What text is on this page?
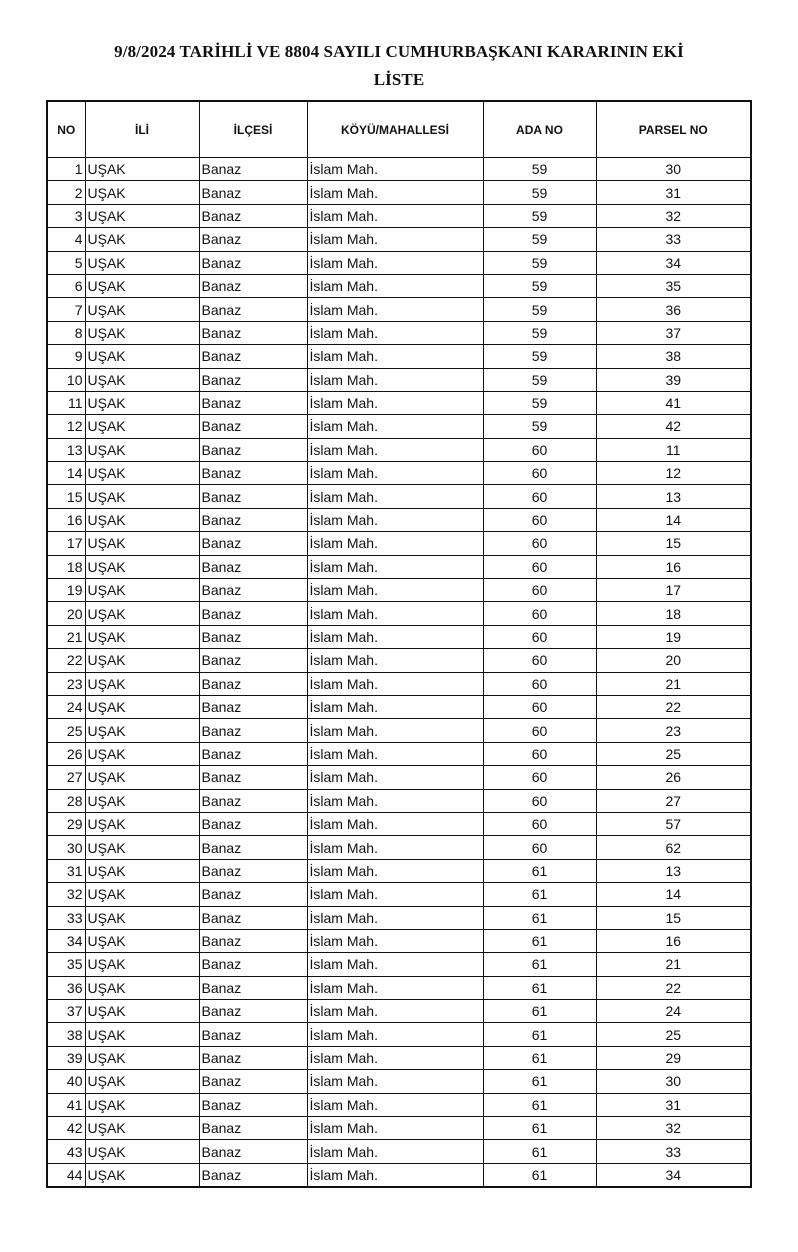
9/8/2024 TARİHLİ VE 8804 SAYILI CUMHURBAŞKANI KARARININ EKİ
LİSTE
NO	İLİ	İLÇESİ	KÖYÜ/MAHALLESİ	ADA NO	PARSEL NO
1	UŞAK	Banaz	İslam Mah.	59	30
2	UŞAK	Banaz	İslam Mah.	59	31
3	UŞAK	Banaz	İslam Mah.	59	32
4	UŞAK	Banaz	İslam Mah.	59	33
5	UŞAK	Banaz	İslam Mah.	59	34
6	UŞAK	Banaz	İslam Mah.	59	35
7	UŞAK	Banaz	İslam Mah.	59	36
8	UŞAK	Banaz	İslam Mah.	59	37
9	UŞAK	Banaz	İslam Mah.	59	38
10	UŞAK	Banaz	İslam Mah.	59	39
11	UŞAK	Banaz	İslam Mah.	59	41
12	UŞAK	Banaz	İslam Mah.	59	42
13	UŞAK	Banaz	İslam Mah.	60	11
14	UŞAK	Banaz	İslam Mah.	60	12
15	UŞAK	Banaz	İslam Mah.	60	13
16	UŞAK	Banaz	İslam Mah.	60	14
17	UŞAK	Banaz	İslam Mah.	60	15
18	UŞAK	Banaz	İslam Mah.	60	16
19	UŞAK	Banaz	İslam Mah.	60	17
20	UŞAK	Banaz	İslam Mah.	60	18
21	UŞAK	Banaz	İslam Mah.	60	19
22	UŞAK	Banaz	İslam Mah.	60	20
23	UŞAK	Banaz	İslam Mah.	60	21
24	UŞAK	Banaz	İslam Mah.	60	22
25	UŞAK	Banaz	İslam Mah.	60	23
26	UŞAK	Banaz	İslam Mah.	60	25
27	UŞAK	Banaz	İslam Mah.	60	26
28	UŞAK	Banaz	İslam Mah.	60	27
29	UŞAK	Banaz	İslam Mah.	60	57
30	UŞAK	Banaz	İslam Mah.	60	62
31	UŞAK	Banaz	İslam Mah.	61	13
32	UŞAK	Banaz	İslam Mah.	61	14
33	UŞAK	Banaz	İslam Mah.	61	15
34	UŞAK	Banaz	İslam Mah.	61	16
35	UŞAK	Banaz	İslam Mah.	61	21
36	UŞAK	Banaz	İslam Mah.	61	22
37	UŞAK	Banaz	İslam Mah.	61	24
38	UŞAK	Banaz	İslam Mah.	61	25
39	UŞAK	Banaz	İslam Mah.	61	29
40	UŞAK	Banaz	İslam Mah.	61	30
41	UŞAK	Banaz	İslam Mah.	61	31
42	UŞAK	Banaz	İslam Mah.	61	32
43	UŞAK	Banaz	İslam Mah.	61	33
44	UŞAK	Banaz	İslam Mah.	61	34
